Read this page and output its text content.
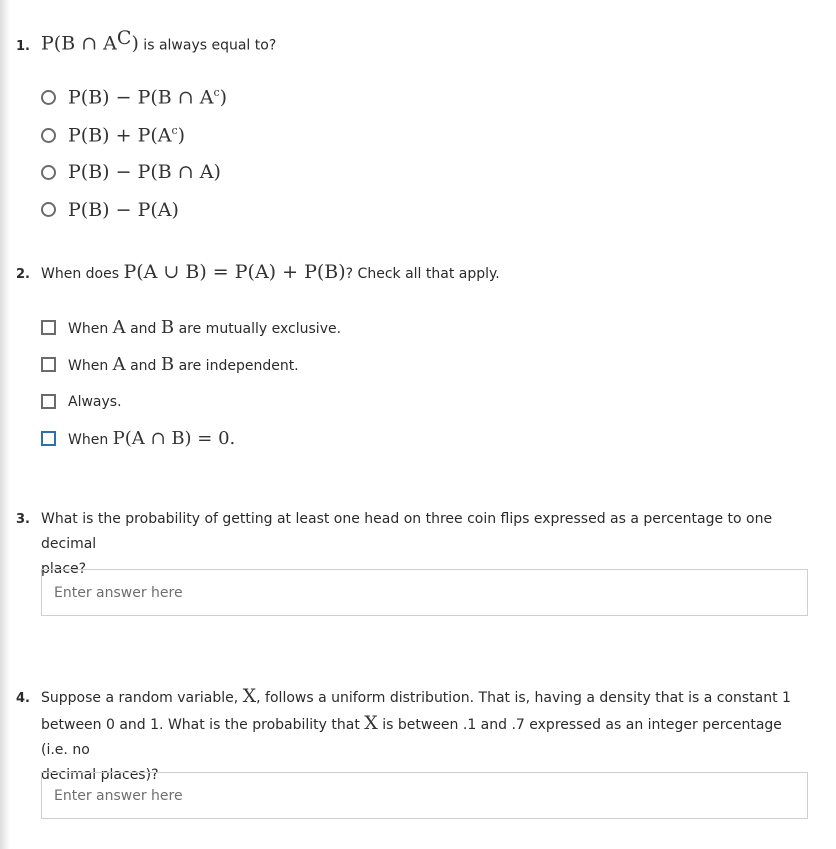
1. P(B ∩ $A^C$) is always equal to?
P(B) − P(B ∩ $A^c$)
$P(B) + P(A^c)$
P(B) − P(B ∩ A)
P(B) − P(A)
2. When does P(A ∪ B) = P(A) + P(B)? Check all that apply.
When A and B are mutually exclusive.
When A and B are independent.
Always.
When P(A ∩ B) = 0.
3. What is the probability of getting at least one head on three coin flips expressed as a percentage to one decimal
place?
Enter answer here
4. Suppose a random variable, X, follows a uniform distribution. That is, having a density that is a constant 1
between 0 and 1. What is the probability that X is between .1 and .7 expressed as an integer percentage (i.e. no
decimal places)?
Enter answer here
